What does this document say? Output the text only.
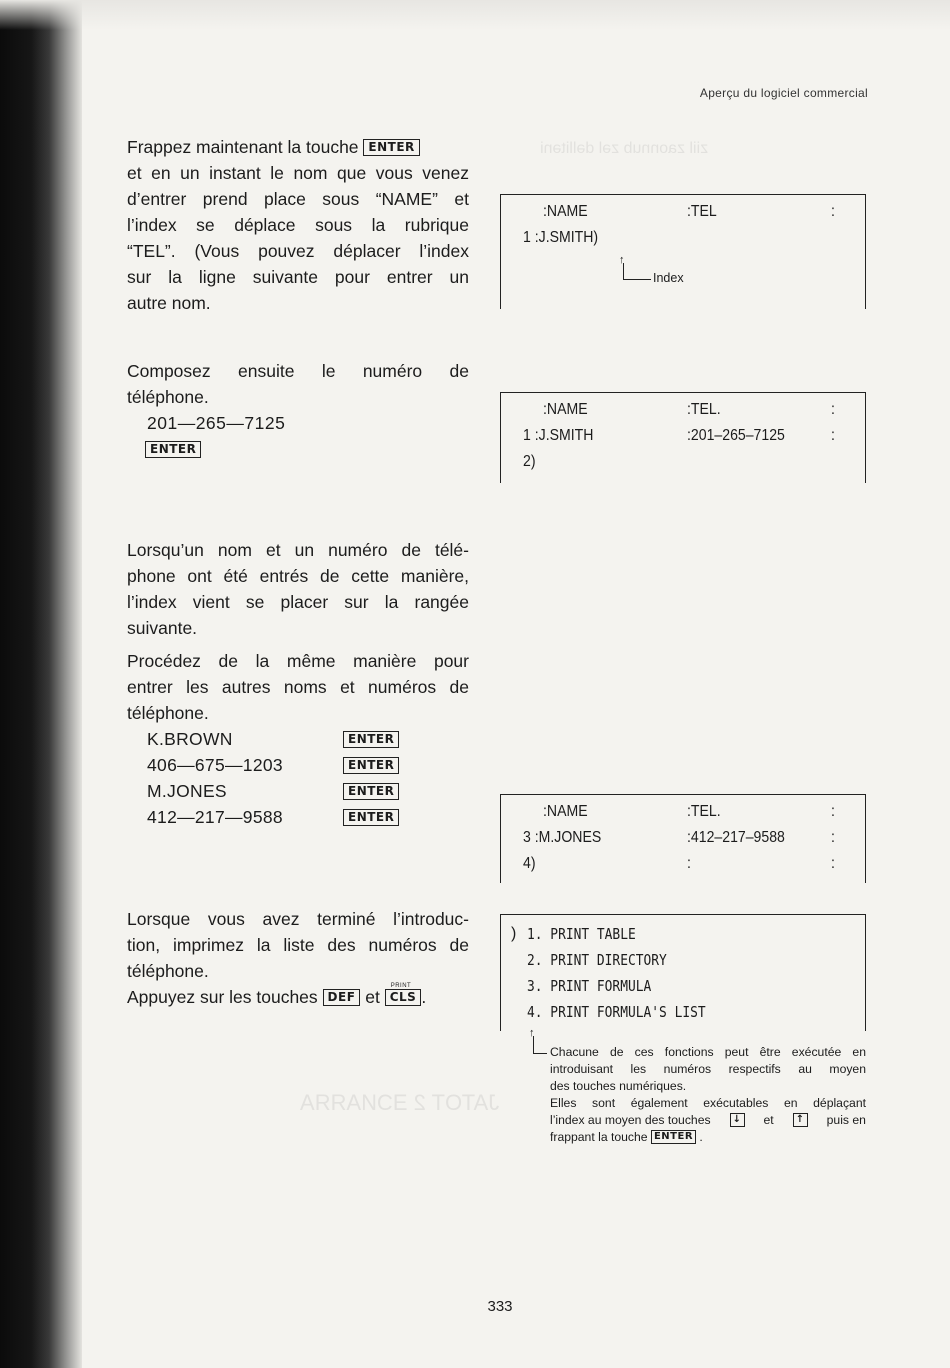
ziil zaonnub zəl dəllitəni
JATOT 2 ƎƆИAЯЯA
Aperçu du logiciel commercial

Frappez maintenant la touche ENTER

et en un instant le nom que vous venez

d’entrer prend place sous “NAME” et

l’index se déplace sous la rubrique

“TEL”. (Vous pouvez déplacer l’index

sur la ligne suivante pour entrer un

autre nom.

Composez ensuite le numéro de

téléphone.

201—265—7125

ENTER

Lorsqu’un nom et un numéro de télé-

phone ont été entrés de cette manière,

l’index vient se placer sur la rangée

suivante.

Procédez de la même manière pour

entrer les autres noms et numéros de

téléphone.

K.BROWN	ENTER
406—675—1203	ENTER
M.JONES	ENTER
412—217—9588	ENTER

Lorsque vous avez terminé l’introduc-

tion, imprimez la liste des numéros de

téléphone.

Appuyez sur les touches DEF et
PRINT
CLS .

:NAME	:TEL	:
1 :J.SMITH)
↑
Index
:NAME	:TEL.	:
1 :J.SMITH	:201–265–7125	:
2)
:NAME	:TEL.	:
3 :M.JONES	:412–217–9588	:
4)	:	:
) 1. PRINT TABLE
2. PRINT DIRECTORY
3. PRINT FORMULA
4. PRINT FORMULA'S LIST
↑
Chacune de ces fonctions peut être exécutée en
introduisant les numéros respectifs au moyen
des touches numériques.
Elles sont également exécutables en déplaçant
l’index au moyen des touches	↓ et	↑ puis en
frappant la touche ENTER .
333
